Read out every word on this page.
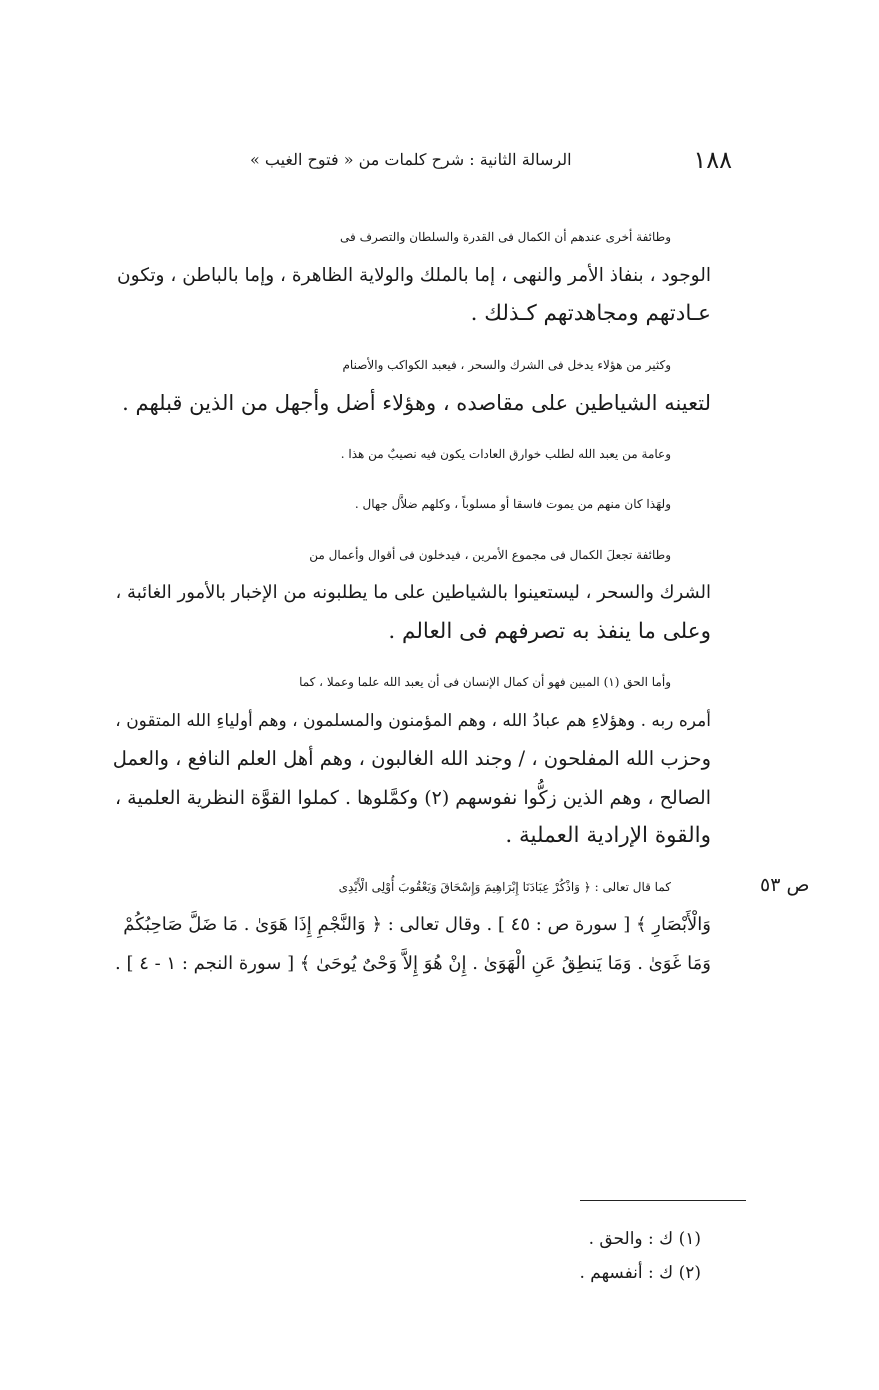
الرسالة الثانية : شرح كلمات من « فتوح الغيب »	١٨٨

وطائفة أخرى عندهم أن الكمال فى القدرة والسلطان والتصرف فى
الوجود ، بنفاذ الأمر والنهى ، إما بالملك والولاية الظاهرة ، وإما بالباطن ، وتكون
عـادتهم ومجاهدتهم كـذلك .

وكثير من هؤلاء يدخل فى الشرك والسحر ، فيعبد الكواكب والأصنام
لتعينه الشياطين على مقاصده ، وهؤلاء أضل وأجهل من الذين قبلهم .

وعامة من يعبد الله لطلب خوارق العادات يكون فيه نصيبٌ من هذا .

ولهَذا كان منهم من يموت فاسقا أو مسلوباً ، وكلهم ضلاَّل جهال .

وطائفة تجعلَ الكمال فى مجموع الأمرين ، فيدخلون فى أقوال وأعمال من
الشرك والسحر ، ليستعينوا بالشياطين على ما يطلبونه من الإخبار بالأمور الغائبة ،
وعلى ما ينفذ به تصرفهم فى العالم .

وأما الحق (١) المبين فهو أن كمال الإنسان فى أن يعبد الله علما وعملا ، كما
أمره ربه . وهؤلاءِ هم عبادُ الله ، وهم المؤمنون والمسلمون ، وهم أولياءِ الله المتقون ،
وحزب الله المفلحون ، / وجند الله الغالبون ، وهم أهل العلم النافع ، والعمل
الصالح ، وهم الذين زكُّوا نفوسهم (٢) وكمَّلوها . كملوا القوَّة النظرية العلمية ،
والقوة الإرادية العملية .

كما قال تعالى : ﴿ وَاذْكُرْ عِبَادَنَا إِبْرَاهِيمَ وَإِسْحَاقَ وَيَعْقُوبَ أُوْلِى الْأَيْدِى
وَالْأَبْصَارِ ﴾ [ سورة ص : ٤٥ ] . وقال تعالى : ﴿ وَالنَّجْمِ إِذَا هَوَىٰ . مَا ضَلَّ صَاحِبُكُمْ
وَمَا غَوَىٰ . وَمَا يَنطِقُ عَنِ الْهَوَىٰ . إِنْ هُوَ إِلاَّ وَحْىٌ يُوحَىٰ ﴾ [ سورة النجم : ١ - ٤ ] .

ص ٥٣
(١) ك : والحق .
(٢) ك : أنفسهم .
